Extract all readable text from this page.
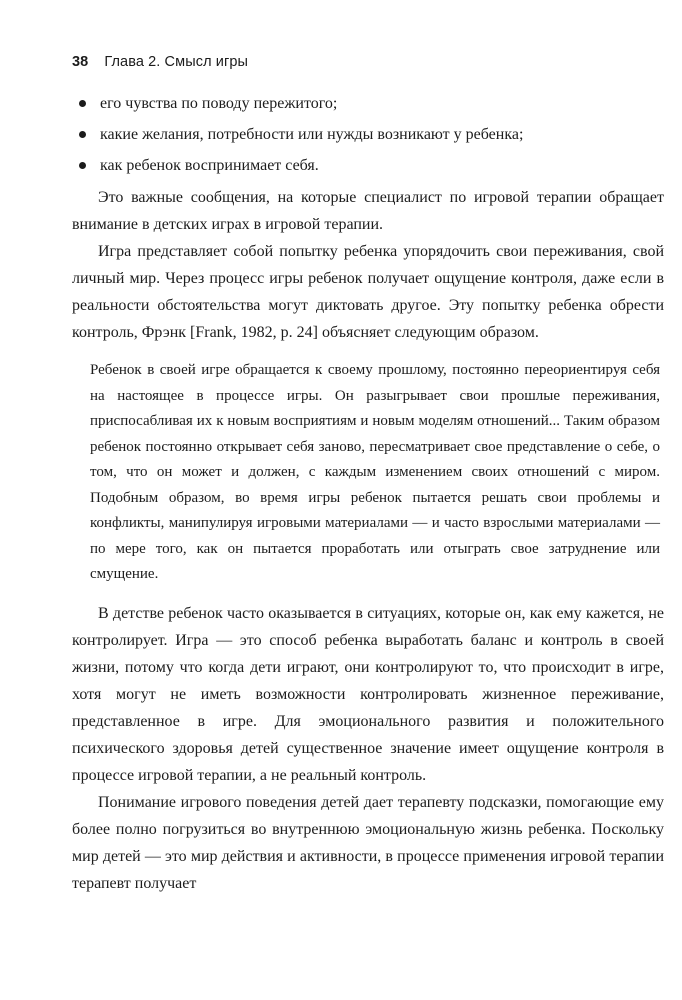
38 Глава 2. Смысл игры
его чувства по поводу пережитого;
какие желания, потребности или нужды возникают у ребенка;
как ребенок воспринимает себя.

Это важные сообщения, на которые специалист по игровой терапии обращает внимание в детских играх в игровой терапии.

Игра представляет собой попытку ребенка упорядочить свои переживания, свой личный мир. Через процесс игры ребенок получает ощущение контроля, даже если в реальности обстоятельства могут диктовать другое. Эту попытку ребенка обрести контроль, Фрэнк [Frank, 1982, p. 24] объясняет следующим образом.

Ребенок в своей игре обращается к своему прошлому, постоянно переориентируя себя на настоящее в процессе игры. Он разыгрывает свои прошлые переживания, приспосабливая их к новым восприятиям и новым моделям отношений... Таким образом ребенок постоянно открывает себя заново, пересматривает свое представление о себе, о том, что он может и должен, с каждым изменением своих отношений с миром. Подобным образом, во время игры ребенок пытается решать свои проблемы и конфликты, манипулируя игровыми материалами — и часто взрослыми материалами — по мере того, как он пытается проработать или отыграть свое затруднение или смущение.

В детстве ребенок часто оказывается в ситуациях, которые он, как ему кажется, не контролирует. Игра — это способ ребенка выработать баланс и контроль в своей жизни, потому что когда дети играют, они контролируют то, что происходит в игре, хотя могут не иметь возможности контролировать жизненное переживание, представленное в игре. Для эмоционального развития и положительного психического здоровья детей существенное значение имеет ощущение контроля в процессе игровой терапии, а не реальный контроль.

Понимание игрового поведения детей дает терапевту подсказки, помогающие ему более полно погрузиться во внутреннюю эмоциональную жизнь ребенка. Поскольку мир детей — это мир действия и активности, в процессе применения игровой терапии терапевт получает
